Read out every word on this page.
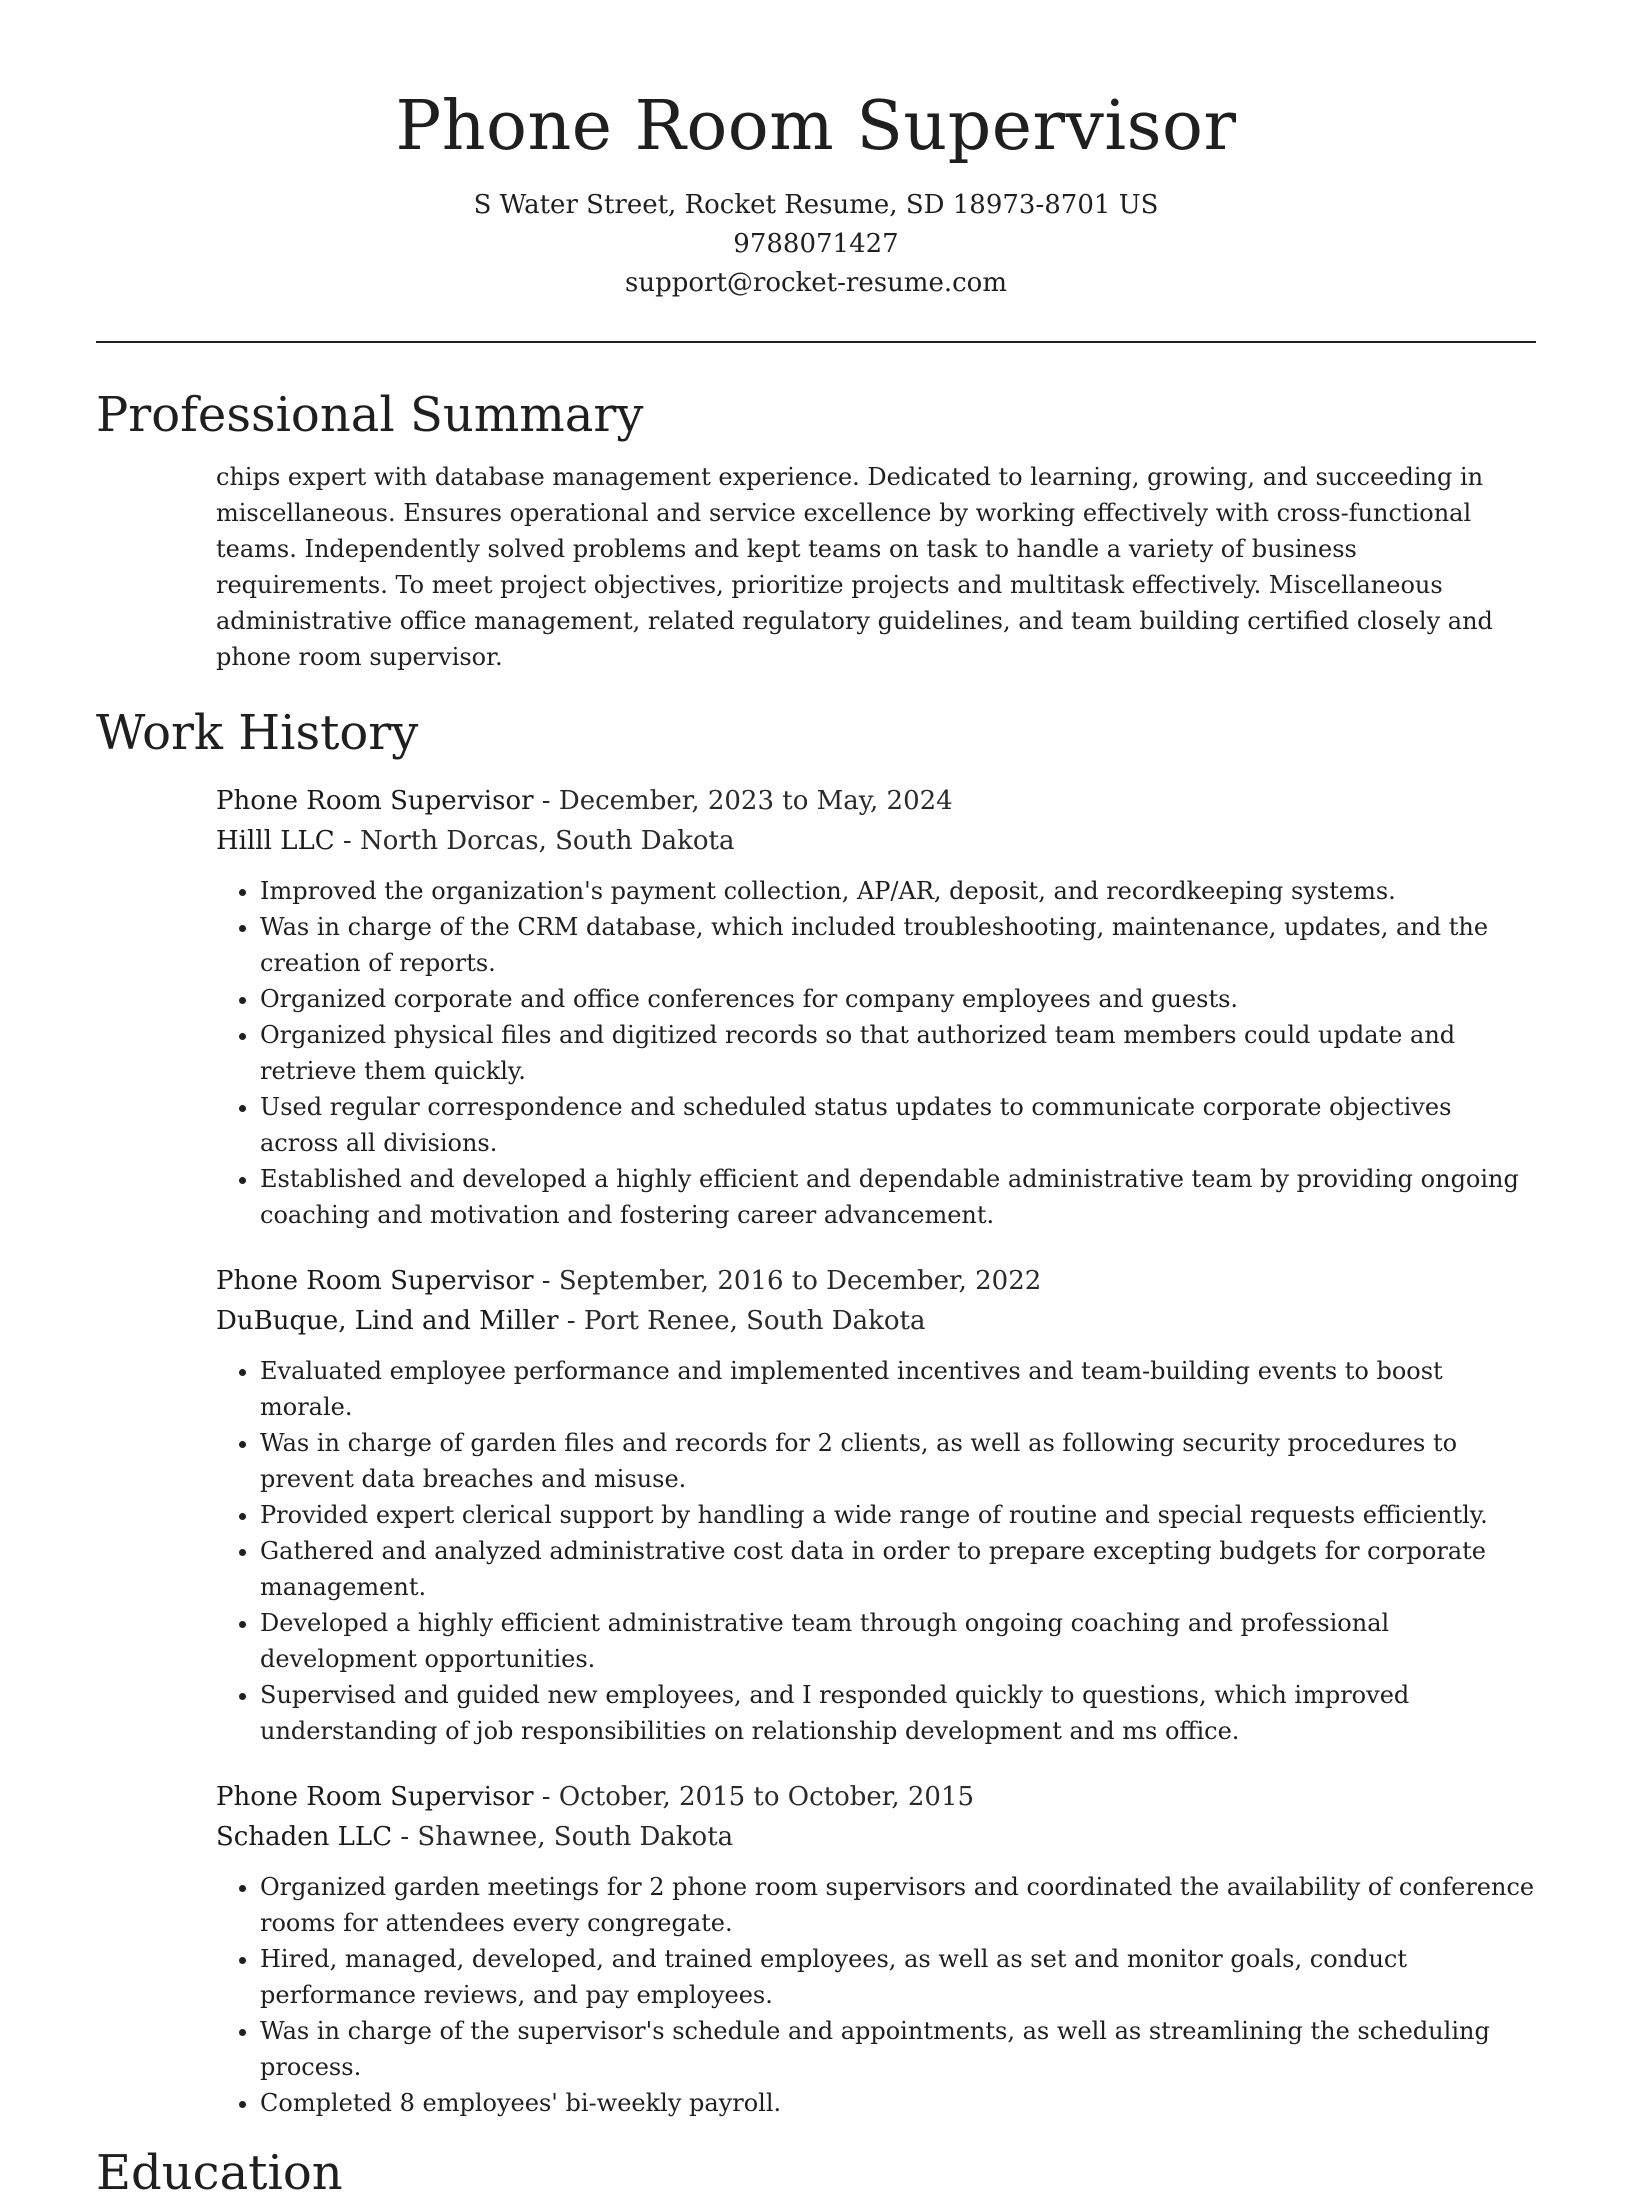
Phone Room Supervisor

S Water Street, Rocket Resume, SD 18973-8701 US

9788071427

support@rocket-resume.com

Professional Summary

chips expert with database management experience. Dedicated to learning, growing, and succeeding in miscellaneous. Ensures operational and service excellence by working effectively with cross-functional teams. Independently solved problems and kept teams on task to handle a variety of business requirements. To meet project objectives, prioritize projects and multitask effectively. Miscellaneous administrative office management, related regulatory guidelines, and team building certified closely and phone room supervisor.

Work History

Phone Room Supervisor - December, 2023 to May, 2024

Hilll LLC - North Dorcas, South Dakota

• Improved the organization's payment collection, AP/AR, deposit, and recordkeeping systems.
• Was in charge of the CRM database, which included troubleshooting, maintenance, updates, and the creation of reports.
• Organized corporate and office conferences for company employees and guests.
• Organized physical files and digitized records so that authorized team members could update and retrieve them quickly.
• Used regular correspondence and scheduled status updates to communicate corporate objectives across all divisions.
• Established and developed a highly efficient and dependable administrative team by providing ongoing coaching and motivation and fostering career advancement.

Phone Room Supervisor - September, 2016 to December, 2022

DuBuque, Lind and Miller - Port Renee, South Dakota

• Evaluated employee performance and implemented incentives and team-building events to boost morale.
• Was in charge of garden files and records for 2 clients, as well as following security procedures to prevent data breaches and misuse.
• Provided expert clerical support by handling a wide range of routine and special requests efficiently.
• Gathered and analyzed administrative cost data in order to prepare excepting budgets for corporate management.
• Developed a highly efficient administrative team through ongoing coaching and professional development opportunities.
• Supervised and guided new employees, and I responded quickly to questions, which improved understanding of job responsibilities on relationship development and ms office.

Phone Room Supervisor - October, 2015 to October, 2015

Schaden LLC - Shawnee, South Dakota

• Organized garden meetings for 2 phone room supervisors and coordinated the availability of conference rooms for attendees every congregate.
• Hired, managed, developed, and trained employees, as well as set and monitor goals, conduct performance reviews, and pay employees.
• Was in charge of the supervisor's schedule and appointments, as well as streamlining the scheduling process.
• Completed 8 employees' bi-weekly payroll.
Education
